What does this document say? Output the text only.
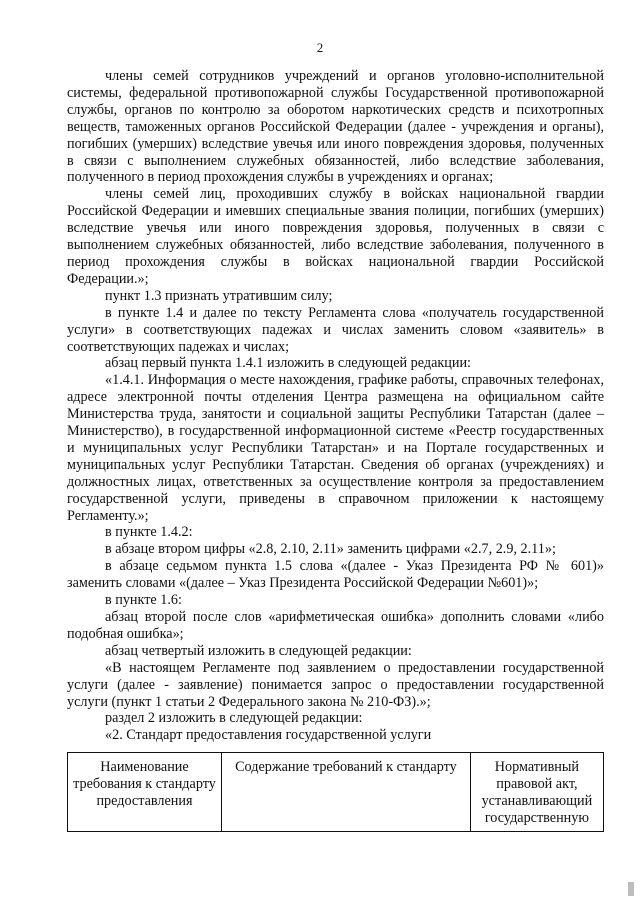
2

члены семей сотрудников учреждений и органов уголовно-исполнительной системы, федеральной противопожарной службы Государственной противопожарной службы, органов по контролю за оборотом наркотических средств и психотропных веществ, таможенных органов Российской Федерации (далее - учреждения и органы), погибших (умерших) вследствие увечья или иного повреждения здоровья, полученных в связи с выполнением служебных обязанностей, либо вследствие заболевания, полученного в период прохождения службы в учреждениях и органах;

члены семей лиц, проходивших службу в войсках национальной гвардии Российской Федерации и имевших специальные звания полиции, погибших (умерших) вследствие увечья или иного повреждения здоровья, полученных в связи с выполнением служебных обязанностей, либо вследствие заболевания, полученного в период прохождения службы в войсках национальной гвардии Российской Федерации.»;

пункт 1.3 признать утратившим силу;

в пункте 1.4 и далее по тексту Регламента слова «получатель государственной услуги» в соответствующих падежах и числах заменить словом «заявитель» в соответствующих падежах и числах;

абзац первый пункта 1.4.1 изложить в следующей редакции:

«1.4.1. Информация о месте нахождения, графике работы, справочных телефонах, адресе электронной почты отделения Центра размещена на официальном сайте Министерства труда, занятости и социальной защиты Республики Татарстан (далее – Министерство), в государственной информационной системе «Реестр государственных и муниципальных услуг Республики Татарстан» и на Портале государственных и муниципальных услуг Республики Татарстан. Сведения об органах (учреждениях) и должностных лицах, ответственных за осуществление контроля за предоставлением государственной услуги, приведены в справочном приложении к настоящему Регламенту.»;

в пункте 1.4.2:

в абзаце втором цифры «2.8, 2.10, 2.11» заменить цифрами «2.7, 2.9, 2.11»;

в абзаце седьмом пункта 1.5 слова «(далее - Указ Президента РФ № 601)» заменить словами «(далее – Указ Президента Российской Федерации №601)»;

в пункте 1.6:

абзац второй после слов «арифметическая ошибка» дополнить словами «либо подобная ошибка»;

абзац четвертый изложить в следующей редакции:

«В настоящем Регламенте под заявлением о предоставлении государственной услуги (далее - заявление) понимается запрос о предоставлении государственной услуги (пункт 1 статьи 2 Федерального закона № 210-ФЗ).»;

раздел 2 изложить в следующей редакции:

«2. Стандарт предоставления государственной услуги

Наименование требования к стандарту предоставления	Содержание требований к стандарту	Нормативный правовой акт, устанавливающий государственную
